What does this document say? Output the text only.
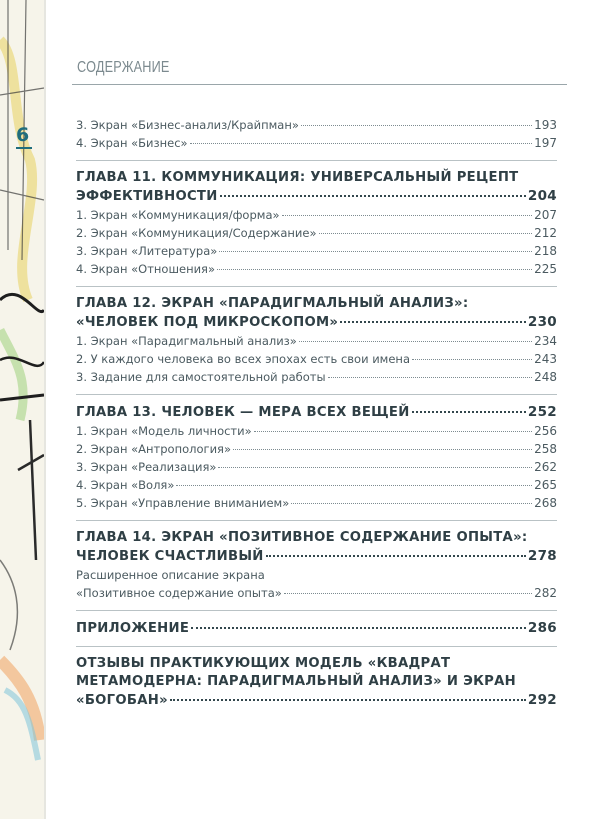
СОДЕРЖАНИЕ
6	3. Экран «Бизнес-анализ/Крайпман»	193
4. Экран «Бизнес»	197
ГЛАВА 11. КОММУНИКАЦИЯ: УНИВЕРСАЛЬНЫЙ РЕЦЕПТ
ЭФФЕКТИВНОСТИ	204
1. Экран «Коммуникация/форма»	207
2. Экран «Коммуникация/Содержание»	212
3. Экран «Литература»	218
4. Экран «Отношения»	225
ГЛАВА 12. ЭКРАН «ПАРАДИГМАЛЬНЫЙ АНАЛИЗ»:
«ЧЕЛОВЕК ПОД МИКРОСКОПОМ»	230
1. Экран «Парадигмальный анализ»	234
2. У каждого человека во всех эпохах есть свои имена	243
3. Задание для самостоятельной работы	248
ГЛАВА 13. ЧЕЛОВЕК — МЕРА ВСЕХ ВЕЩЕЙ	252
1. Экран «Модель личности»	256
2. Экран «Антропология»	258
3. Экран «Реализация»	262
4. Экран «Воля»	265
5. Экран «Управление вниманием»	268
ГЛАВА 14. ЭКРАН «ПОЗИТИВНОЕ СОДЕРЖАНИЕ ОПЫТА»:
ЧЕЛОВЕК СЧАСТЛИВЫЙ	278
Расширенное описание экрана
«Позитивное содержание опыта»	282
ПРИЛОЖЕНИЕ	286
ОТЗЫВЫ ПРАКТИКУЮЩИХ МОДЕЛЬ «КВАДРАТ
МЕТАМОДЕРНА: ПАРАДИГМАЛЬНЫЙ АНАЛИЗ» И ЭКРАН
«БОГОБАН»	292
